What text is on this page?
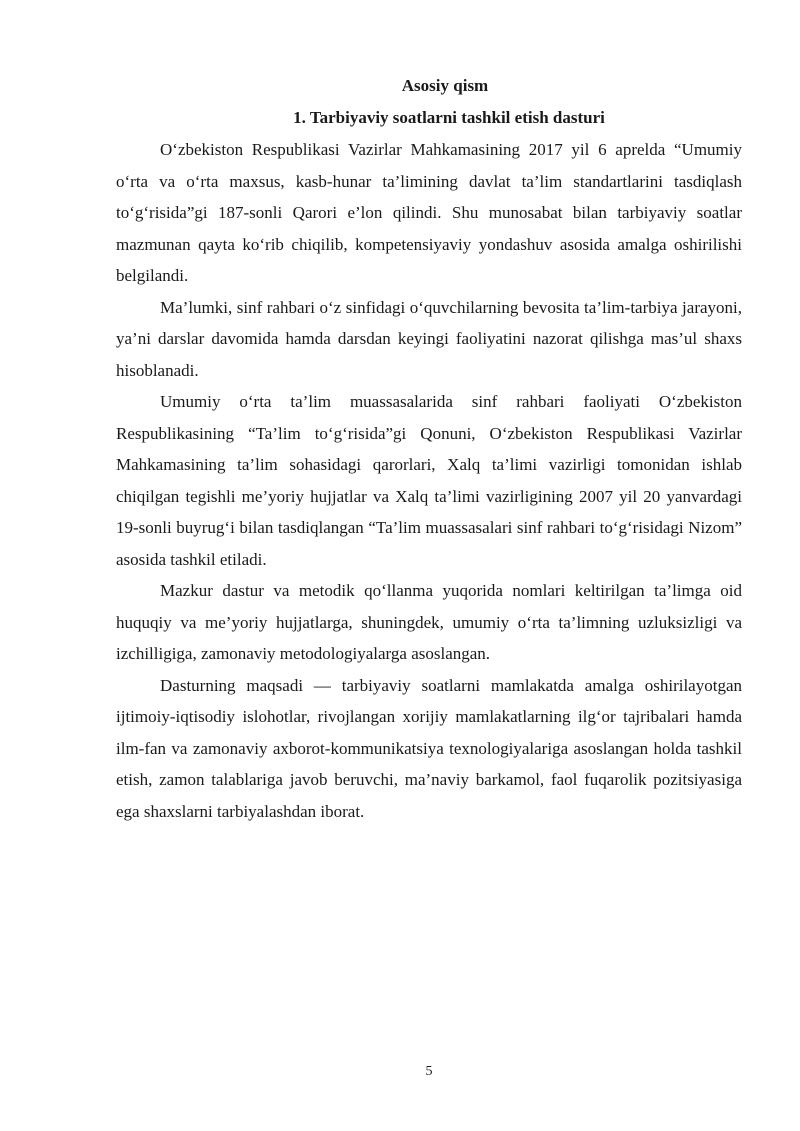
Asosiy qism
1. Tarbiyaviy soatlarni tashkil etish dasturi

O‘zbekiston Respublikasi Vazirlar Mahkamasining 2017 yil 6 aprelda “Umumiy o‘rta va o‘rta maxsus, kasb-hunar ta’limining davlat ta’lim standartlarini tasdiqlash to‘g‘risida”gi 187-sonli Qarori e’lon qilindi. Shu munosabat bilan tarbiyaviy soatlar mazmunan qayta ko‘rib chiqilib, kompetensiyaviy yondashuv asosida amalga oshirilishi belgilandi.

Ma’lumki, sinf rahbari o‘z sinfidagi o‘quvchilarning bevosita ta’lim-tarbiya jarayoni, ya’ni darslar davomida hamda darsdan keyingi faoliyatini nazorat qilishga mas’ul shaxs hisoblanadi.

Umumiy o‘rta ta’lim muassasalarida sinf rahbari faoliyati O‘zbekiston Respublikasining “Ta’lim to‘g‘risida”gi Qonuni, O‘zbekiston Respublikasi Vazirlar Mahkamasining ta’lim sohasidagi qarorlari, Xalq ta’limi vazirligi tomonidan ishlab chiqilgan tegishli me’yoriy hujjatlar va Xalq ta’limi vazirligining 2007 yil 20 yanvardagi 19-sonli buyrug‘i bilan tasdiqlangan “Ta’lim muassasalari sinf rahbari to‘g‘risidagi Nizom” asosida tashkil etiladi.

Mazkur dastur va metodik qo‘llanma yuqorida nomlari keltirilgan ta’limga oid huquqiy va me’yoriy hujjatlarga, shuningdek, umumiy o‘rta ta’limning uzluksizligi va izchilligiga, zamonaviy metodologiyalarga asoslangan.

Dasturning maqsadi — tarbiyaviy soatlarni mamlakatda amalga oshirilayotgan ijtimoiy-iqtisodiy islohotlar, rivojlangan xorijiy mamlakatlarning ilg‘or tajribalari hamda ilm-fan va zamonaviy axborot-kommunikatsiya texnologiyalariga asoslangan holda tashkil etish, zamon talablariga javob beruvchi, ma’naviy barkamol, faol fuqarolik pozitsiyasiga ega shaxslarni tarbiyalashdan iborat.

5
